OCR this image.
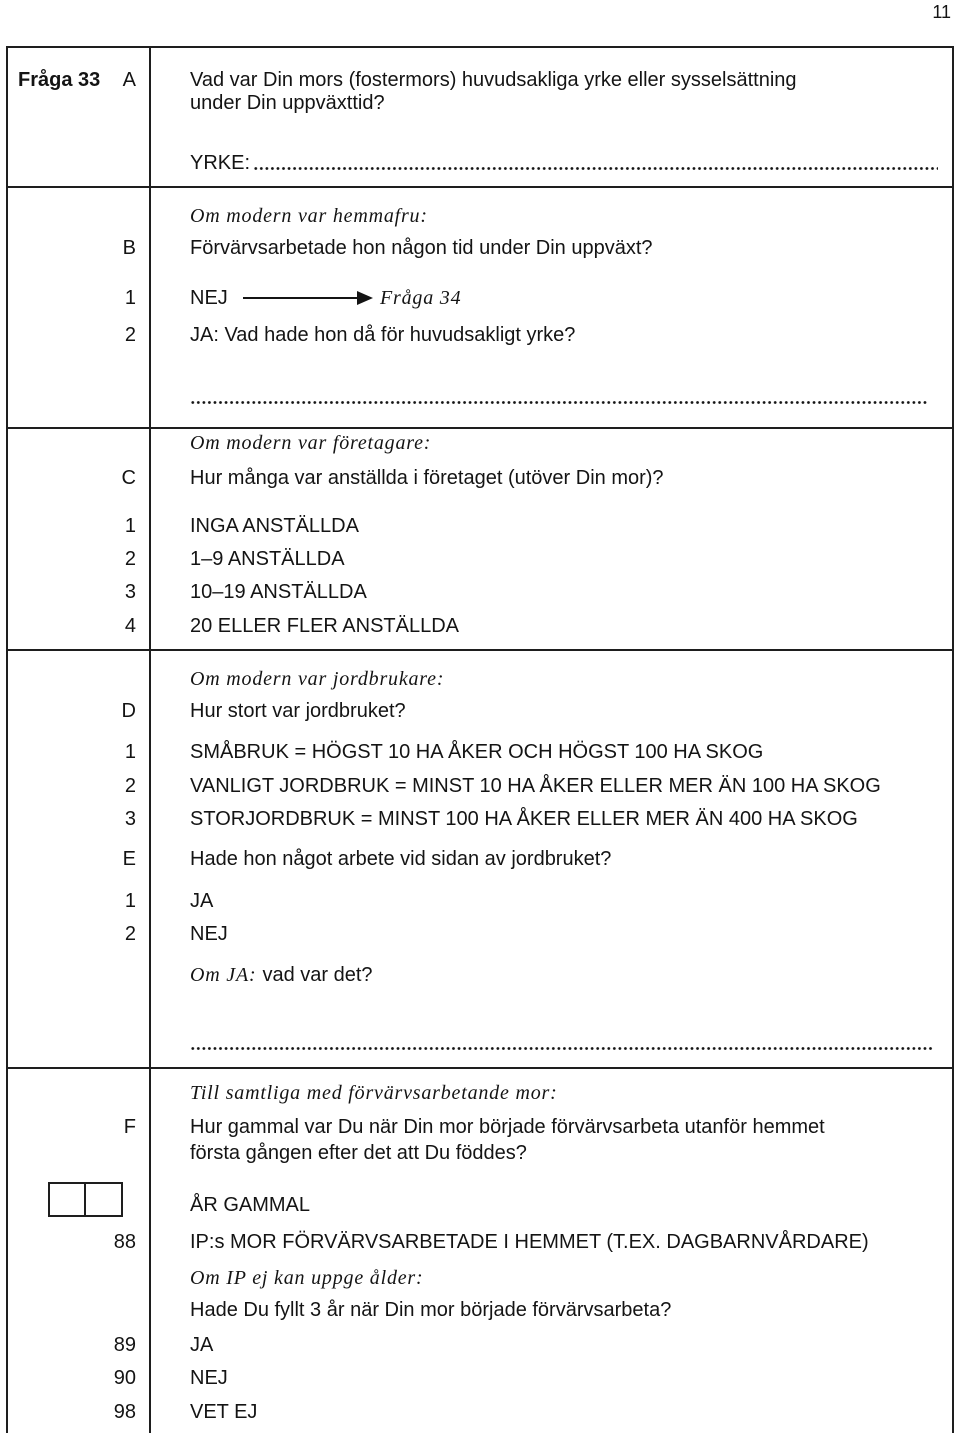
11
Fråga 33 A	Vad var Din mors (fostermors) huvudsakliga yrke eller sysselsättning
under Din uppväxttid?
YRKE:
Om modern var hemmafru:
B	Förvärvsarbetade hon någon tid under Din uppväxt?
1	NEJ	Fråga 34
2	JA: Vad hade hon då för huvudsakligt yrke?
Om modern var företagare:
C	Hur många var anställda i företaget (utöver Din mor)?
1	INGA ANSTÄLLDA
2	1–9 ANSTÄLLDA
3	10–19 ANSTÄLLDA
4	20 ELLER FLER ANSTÄLLDA
Om modern var jordbrukare:
D	Hur stort var jordbruket?
1	SMÅBRUK = HÖGST 10 HA ÅKER OCH HÖGST 100 HA SKOG
2	VANLIGT JORDBRUK = MINST 10 HA ÅKER ELLER MER ÄN 100 HA SKOG
3	STORJORDBRUK = MINST 100 HA ÅKER ELLER MER ÄN 400 HA SKOG
E	Hade hon något arbete vid sidan av jordbruket?
1	JA
2	NEJ
Om JA: vad var det?
Till samtliga med förvärvsarbetande mor:
F	Hur gammal var Du när Din mor började förvärvsarbeta utanför hemmet
första gången efter det att Du föddes?
ÅR GAMMAL
88	IP:s MOR FÖRVÄRVSARBETADE I HEMMET (T.EX. DAGBARNVÅRDARE)
Om IP ej kan uppge ålder:
Hade Du fyllt 3 år när Din mor började förvärvsarbeta?
89	JA
90	NEJ
98	VET EJ
